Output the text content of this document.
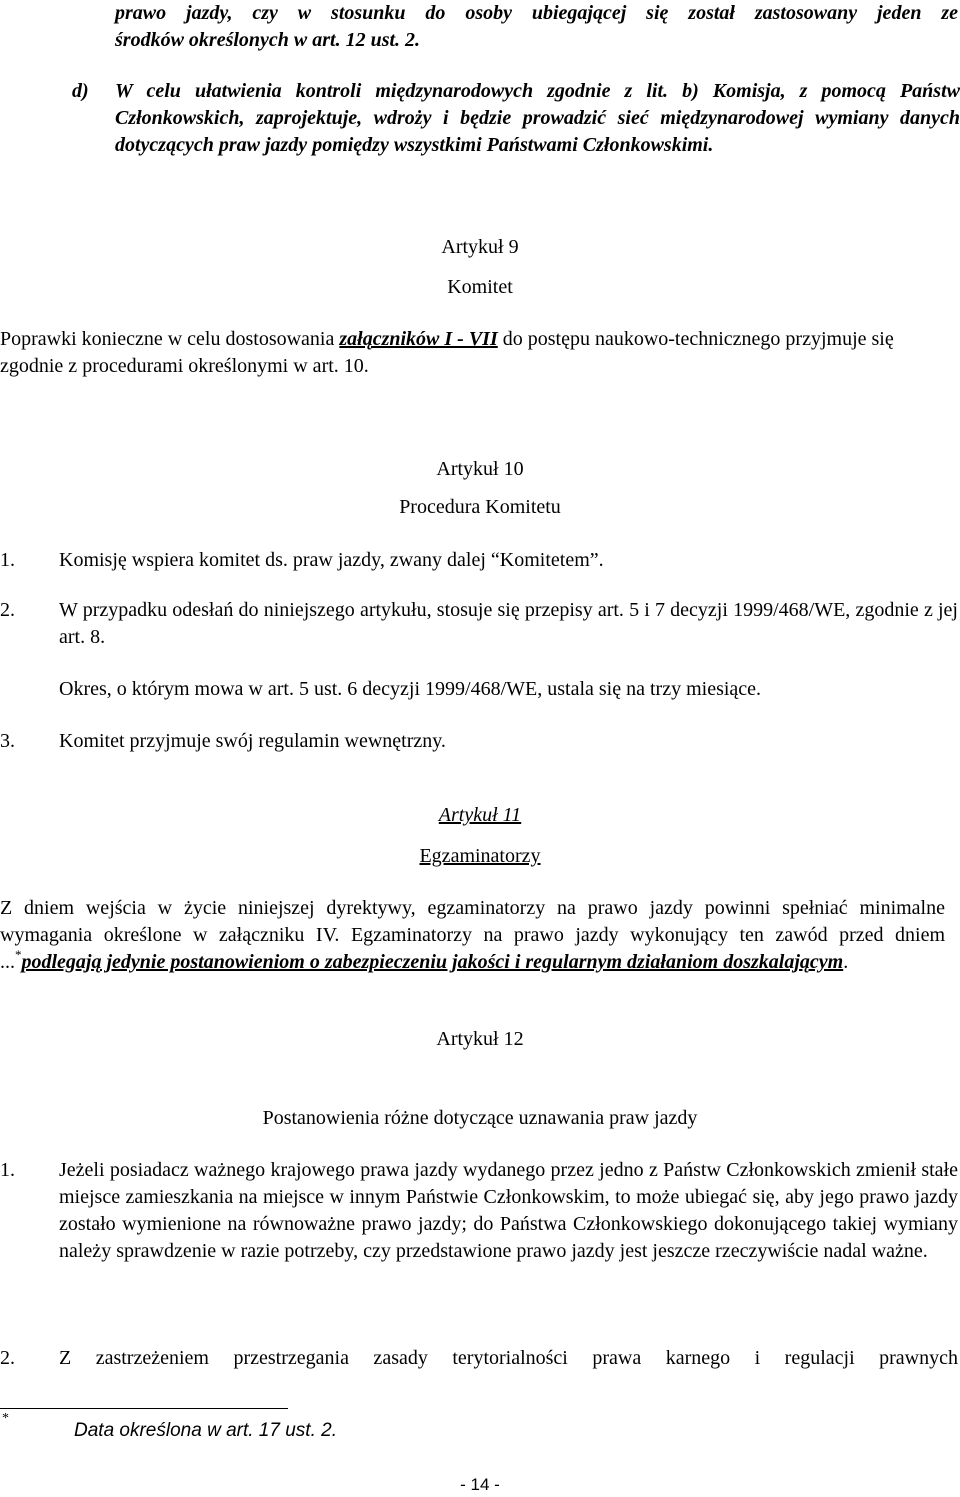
prawo jazdy, czy w stosunku do osoby ubiegającej się został zastosowany jeden ze

środków określonych w art. 12 ust. 2.

d) W celu ułatwienia kontroli międzynarodowych zgodnie z lit. b) Komisja, z pomocą Państw Członkowskich, zaprojektuje, wdroży i będzie prowadzić sieć międzynarodowej wymiany danych dotyczących praw jazdy pomiędzy wszystkimi Państwami Członkowskimi.

Artykuł 9

Komitet

Poprawki konieczne w celu dostosowania załączników I - VII do postępu naukowo-technicznego przyjmuje się zgodnie z procedurami określonymi w art. 10.

Artykuł 10

Procedura Komitetu

1. Komisję wspiera komitet ds. praw jazdy, zwany dalej “Komitetem”.

2. W przypadku odesłań do niniejszego artykułu, stosuje się przepisy art. 5 i 7 decyzji 1999/468/WE, zgodnie z jej art. 8.

Okres, o którym mowa w art. 5 ust. 6 decyzji 1999/468/WE, ustala się na trzy miesiące.

3. Komitet przyjmuje swój regulamin wewnętrzny.

Artykuł 11

Egzaminatorzy

Z dniem wejścia w życie niniejszej dyrektywy, egzaminatorzy na prawo jazdy powinni spełniać minimalne wymagania określone w załączniku IV. Egzaminatorzy na prawo jazdy wykonujący ten zawód przed dniem ...*podlegają jedynie postanowieniom o zabezpieczeniu jakości i regularnym działaniom doszkalającym.

Artykuł 12

Postanowienia różne dotyczące uznawania praw jazdy

1. Jeżeli posiadacz ważnego krajowego prawa jazdy wydanego przez jedno z Państw Członkowskich zmienił stałe miejsce zamieszkania na miejsce w innym Państwie Członkowskim, to może ubiegać się, aby jego prawo jazdy zostało wymienione na równoważne prawo jazdy; do Państwa Członkowskiego dokonującego takiej wymiany należy sprawdzenie w razie potrzeby, czy przedstawione prawo jazdy jest jeszcze rzeczywiście nadal ważne.

2. Z zastrzeżeniem przestrzegania zasady terytorialności prawa karnego i regulacji prawnych

*

Data określona w art. 17 ust. 2.

- 14 -
